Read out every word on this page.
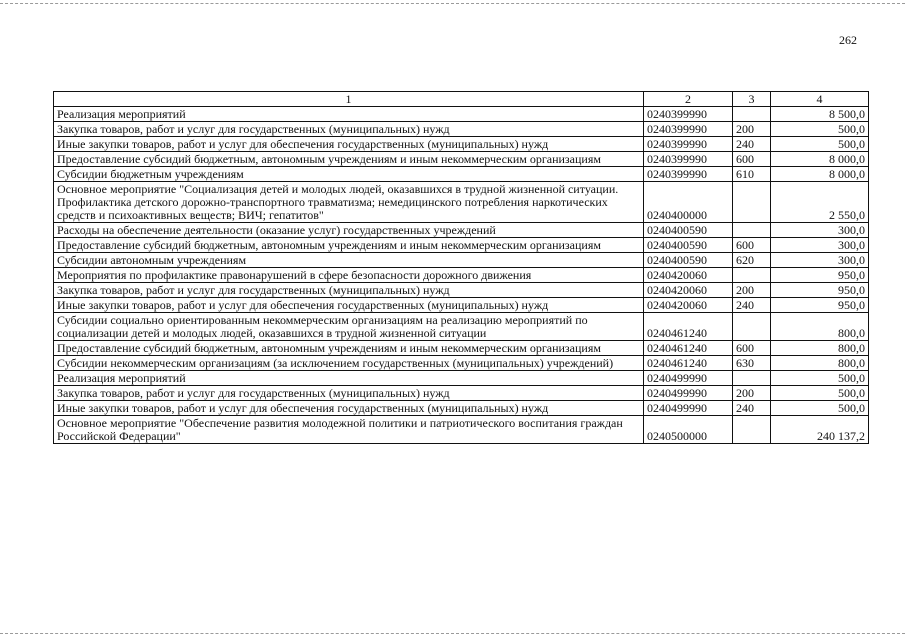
262
1	2	3	4
Реализация мероприятий	0240399990		8 500,0
Закупка товаров, работ и услуг для государственных (муниципальных) нужд	0240399990	200	500,0
Иные закупки товаров, работ и услуг для обеспечения государственных (муниципальных) нужд	0240399990	240	500,0
Предоставление субсидий бюджетным, автономным учреждениям и иным некоммерческим организациям	0240399990	600	8 000,0
Субсидии бюджетным учреждениям	0240399990	610	8 000,0
Основное мероприятие "Социализация детей и молодых людей, оказавшихся в трудной жизненной ситуации. Профилактика детского дорожно-транспортного травматизма; немедицинского потребления наркотических средств и психоактивных веществ; ВИЧ; гепатитов"	0240400000		2 550,0
Расходы на обеспечение деятельности (оказание услуг) государственных учреждений	0240400590		300,0
Предоставление субсидий бюджетным, автономным учреждениям и иным некоммерческим организациям	0240400590	600	300,0
Субсидии автономным учреждениям	0240400590	620	300,0
Мероприятия по профилактике правонарушений в сфере безопасности дорожного движения	0240420060		950,0
Закупка товаров, работ и услуг для государственных (муниципальных) нужд	0240420060	200	950,0
Иные закупки товаров, работ и услуг для обеспечения государственных (муниципальных) нужд	0240420060	240	950,0
Субсидии социально ориентированным некоммерческим организациям на реализацию мероприятий по социализации детей и молодых людей, оказавшихся в трудной жизненной ситуации	0240461240		800,0
Предоставление субсидий бюджетным, автономным учреждениям и иным некоммерческим организациям	0240461240	600	800,0
Субсидии некоммерческим организациям (за исключением государственных (муниципальных) учреждений)	0240461240	630	800,0
Реализация мероприятий	0240499990		500,0
Закупка товаров, работ и услуг для государственных (муниципальных) нужд	0240499990	200	500,0
Иные закупки товаров, работ и услуг для обеспечения государственных (муниципальных) нужд	0240499990	240	500,0
Основное мероприятие "Обеспечение развития молодежной политики и патриотического воспитания граждан Российской Федерации"	0240500000		240 137,2
